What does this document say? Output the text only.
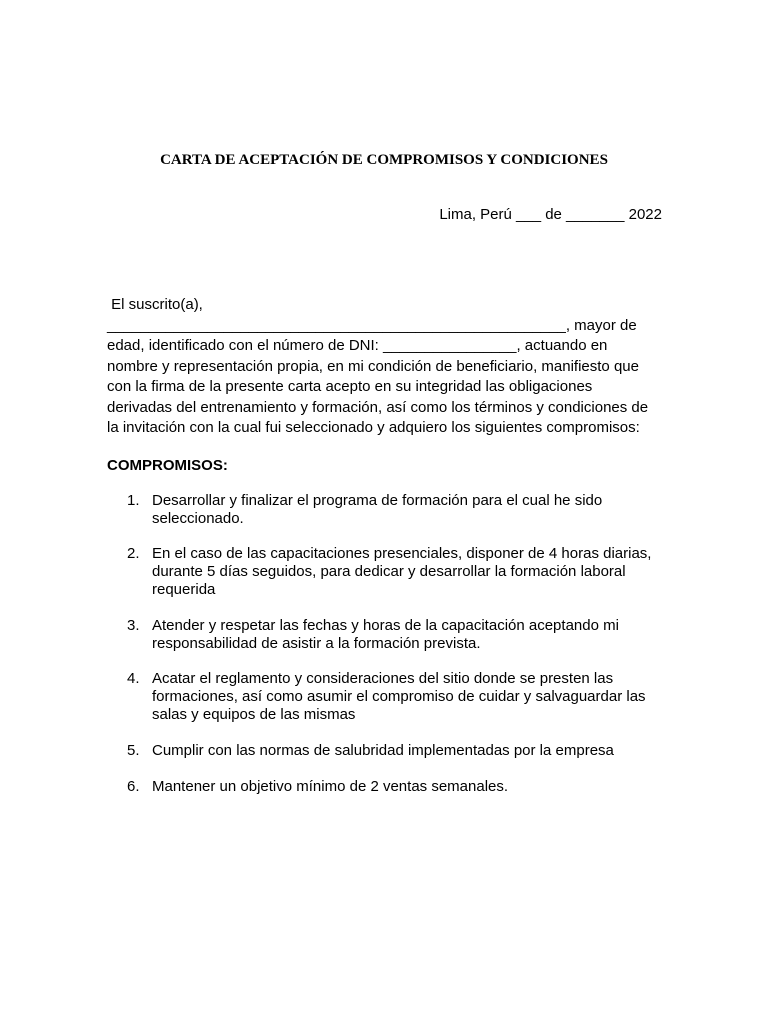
CARTA DE ACEPTACIÓN DE COMPROMISOS Y CONDICIONES
Lima, Perú ___ de _______ 2022
El suscrito(a),
_______________________________________________________, mayor de
edad, identificado con el número de DNI: ________________, actuando en
nombre y representación propia, en mi condición de beneficiario, manifiesto que
con la firma de la presente carta acepto en su integridad las obligaciones
derivadas del entrenamiento y formación, así como los términos y condiciones de
la invitación con la cual fui seleccionado y adquiero los siguientes compromisos:
COMPROMISOS:
1. Desarrollar y finalizar el programa de formación para el cual he sido
seleccionado.
2. En el caso de las capacitaciones presenciales, disponer de 4 horas diarias,
durante 5 días seguidos, para dedicar y desarrollar la formación laboral
requerida
3. Atender y respetar las fechas y horas de la capacitación aceptando mi
responsabilidad de asistir a la formación prevista.
4. Acatar el reglamento y consideraciones del sitio donde se presten las
formaciones, así como asumir el compromiso de cuidar y salvaguardar las
salas y equipos de las mismas
5. Cumplir con las normas de salubridad implementadas por la empresa
6. Mantener un objetivo mínimo de 2 ventas semanales.
